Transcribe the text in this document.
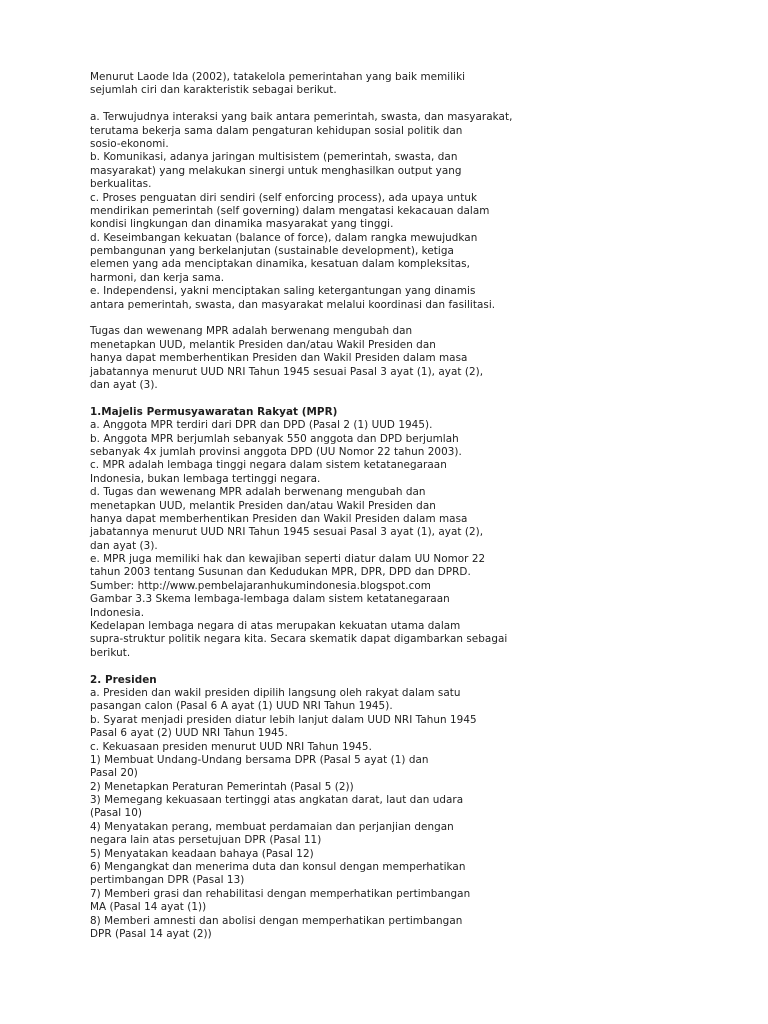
Menurut Laode Ida (2002), tatakelola pemerintahan yang baik memiliki
sejumlah ciri dan karakteristik sebagai berikut.
a. Terwujudnya interaksi yang baik antara pemerintah, swasta, dan masyarakat,
terutama bekerja sama dalam pengaturan kehidupan sosial politik dan
sosio-ekonomi.
b. Komunikasi, adanya jaringan multisistem (pemerintah, swasta, dan
masyarakat) yang melakukan sinergi untuk menghasilkan output yang
berkualitas.
c. Proses penguatan diri sendiri (self enforcing process), ada upaya untuk
mendirikan pemerintah (self governing) dalam mengatasi kekacauan dalam
kondisi lingkungan dan dinamika masyarakat yang tinggi.
d. Keseimbangan kekuatan (balance of force), dalam rangka mewujudkan
pembangunan yang berkelanjutan (sustainable development), ketiga
elemen yang ada menciptakan dinamika, kesatuan dalam kompleksitas,
harmoni, dan kerja sama.
e. Independensi, yakni menciptakan saling ketergantungan yang dinamis
antara pemerintah, swasta, dan masyarakat melalui koordinasi dan fasilitasi.
Tugas dan wewenang MPR adalah berwenang mengubah dan
menetapkan UUD, melantik Presiden dan/atau Wakil Presiden dan
hanya dapat memberhentikan Presiden dan Wakil Presiden dalam masa
jabatannya menurut UUD NRI Tahun 1945 sesuai Pasal 3 ayat (1), ayat (2),
dan ayat (3).
1.Majelis Permusyawaratan Rakyat (MPR)
a. Anggota MPR terdiri dari DPR dan DPD (Pasal 2 (1) UUD 1945).
b. Anggota MPR berjumlah sebanyak 550 anggota dan DPD berjumlah
sebanyak 4x jumlah provinsi anggota DPD (UU Nomor 22 tahun 2003).
c. MPR adalah lembaga tinggi negara dalam sistem ketatanegaraan
Indonesia, bukan lembaga tertinggi negara.
d. Tugas dan wewenang MPR adalah berwenang mengubah dan
menetapkan UUD, melantik Presiden dan/atau Wakil Presiden dan
hanya dapat memberhentikan Presiden dan Wakil Presiden dalam masa
jabatannya menurut UUD NRI Tahun 1945 sesuai Pasal 3 ayat (1), ayat (2),
dan ayat (3).
e. MPR juga memiliki hak dan kewajiban seperti diatur dalam UU Nomor 22
tahun 2003 tentang Susunan dan Kedudukan MPR, DPR, DPD dan DPRD.
Sumber: http://www.pembelajaranhukumindonesia.blogspot.com
Gambar 3.3 Skema lembaga-lembaga dalam sistem ketatanegaraan
Indonesia.
Kedelapan lembaga negara di atas merupakan kekuatan utama dalam
supra-struktur politik negara kita. Secara skematik dapat digambarkan sebagai
berikut.
2. Presiden
a. Presiden dan wakil presiden dipilih langsung oleh rakyat dalam satu
pasangan calon (Pasal 6 A ayat (1) UUD NRI Tahun 1945).
b. Syarat menjadi presiden diatur lebih lanjut dalam UUD NRI Tahun 1945
Pasal 6 ayat (2) UUD NRI Tahun 1945.
c. Kekuasaan presiden menurut UUD NRI Tahun 1945.
1) Membuat Undang-Undang bersama DPR (Pasal 5 ayat (1) dan
Pasal 20)
2) Menetapkan Peraturan Pemerintah (Pasal 5 (2))
3) Memegang kekuasaan tertinggi atas angkatan darat, laut dan udara
(Pasal 10)
4) Menyatakan perang, membuat perdamaian dan perjanjian dengan
negara lain atas persetujuan DPR (Pasal 11)
5) Menyatakan keadaan bahaya (Pasal 12)
6) Mengangkat dan menerima duta dan konsul dengan memperhatikan
pertimbangan DPR (Pasal 13)
7) Memberi grasi dan rehabilitasi dengan memperhatikan pertimbangan
MA (Pasal 14 ayat (1))
8) Memberi amnesti dan abolisi dengan memperhatikan pertimbangan
DPR (Pasal 14 ayat (2))
